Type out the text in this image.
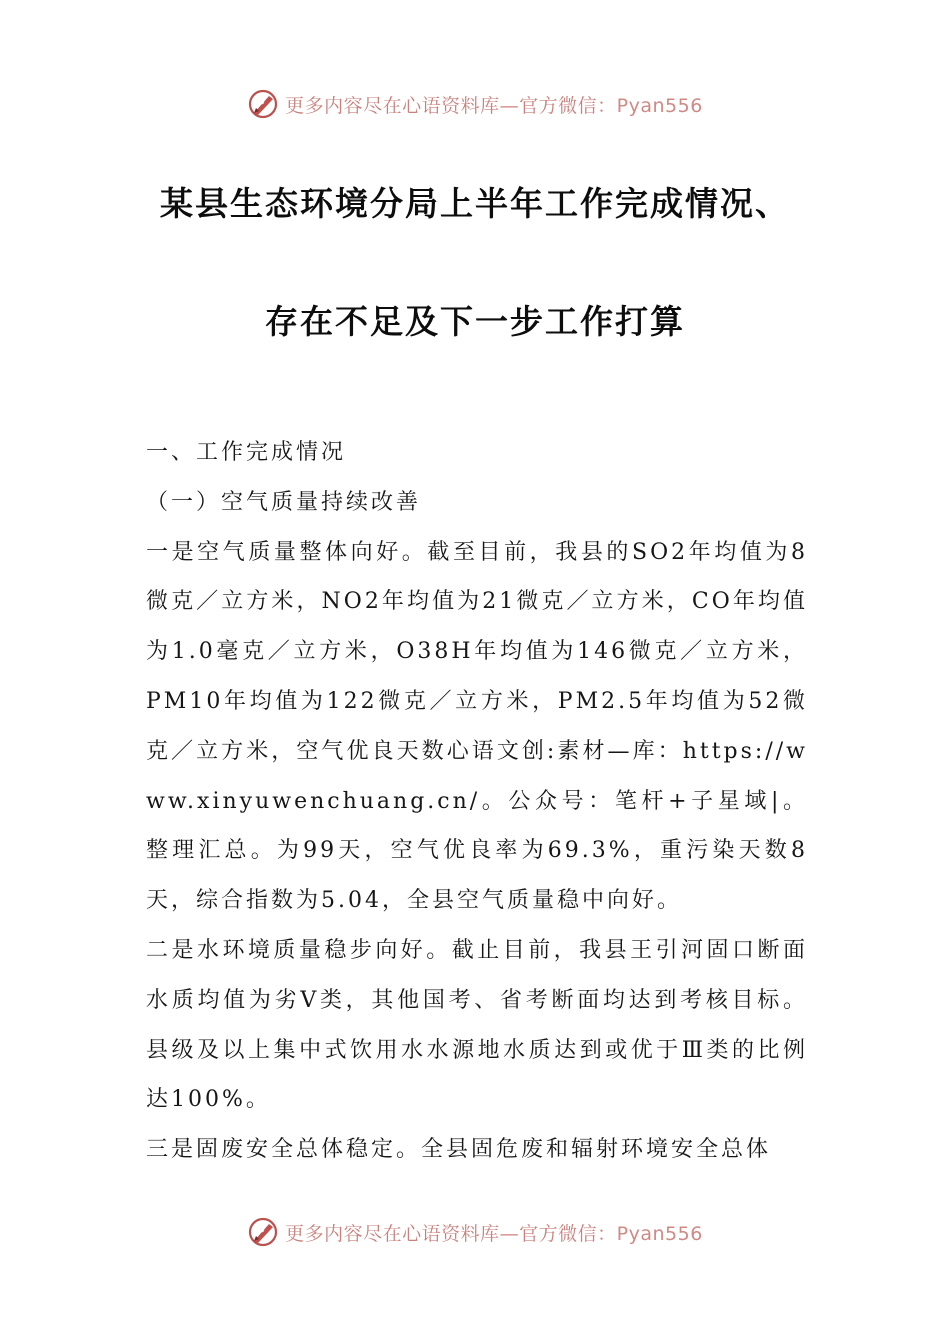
更多内容尽在心语资料库—官方微信：Pyan556
某县生态环境分局上半年工作完成情况、
存在不足及下一步工作打算

一、工作完成情况

（一）空气质量持续改善

一是空气质量整体向好。截至目前，我县的SO2年均值为8微克／立方米，NO2年均值为21微克／立方米，CO年均值为1.0毫克／立方米，O38H年均值为146微克／立方米，PM10年均值为122微克／立方米，PM2.5年均值为52微克／立方米，空气优良天数心语文创:素材—库：https://www.xinyuwenchuang.cn/。公众号：笔杆+子星域|。整理汇总。为99天，空气优良率为69.3%，重污染天数8天，综合指数为5.04，全县空气质量稳中向好。

二是水环境质量稳步向好。截止目前，我县王引河固口断面水质均值为劣V类，其他国考、省考断面均达到考核目标。县级及以上集中式饮用水水源地水质达到或优于Ⅲ类的比例达100%。

三是固废安全总体稳定。全县固危废和辐射环境安全总体

更多内容尽在心语资料库—官方微信：Pyan556
